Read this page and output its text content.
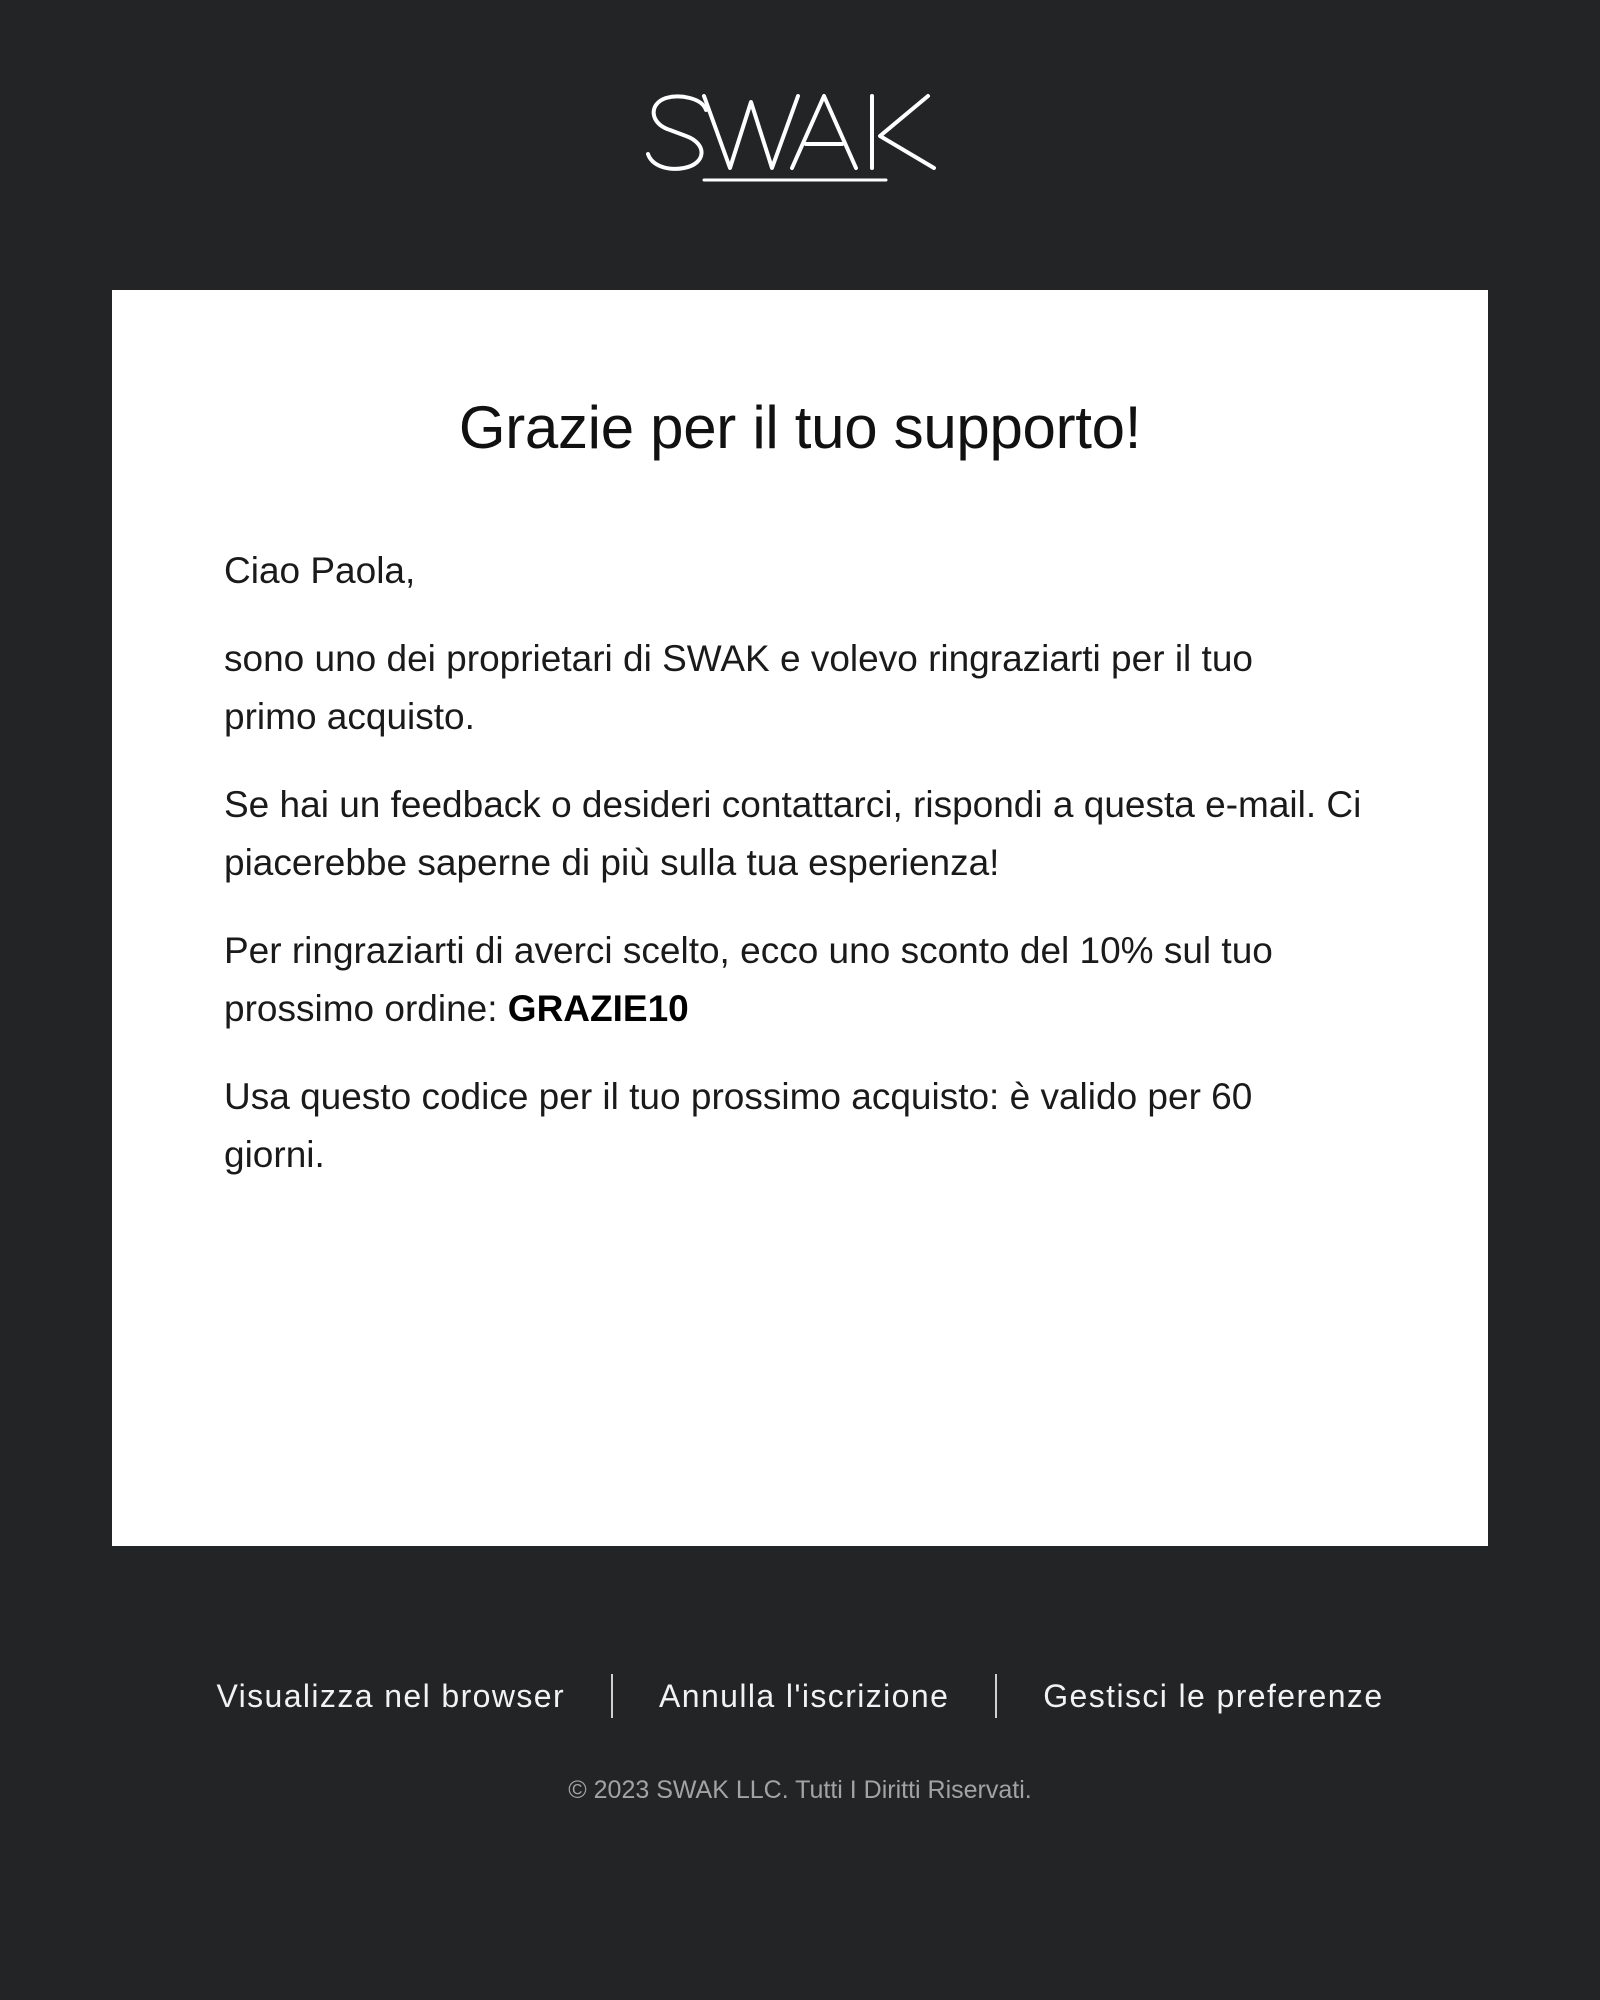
Grazie per il tuo supporto!

Ciao Paola,

sono uno dei proprietari di SWAK e volevo ringraziarti per il tuo primo acquisto.

Se hai un feedback o desideri contattarci, rispondi a questa e-mail. Ci piacerebbe saperne di più sulla tua esperienza!

Per ringraziarti di averci scelto, ecco uno sconto del 10% sul tuo prossimo ordine: GRAZIE10

Usa questo codice per il tuo prossimo acquisto: è valido per 60 giorni.

Visualizza nel browser	Annulla l'iscrizione	Gestisci le preferenze
© 2023 SWAK LLC. Tutti I Diritti Riservati.
